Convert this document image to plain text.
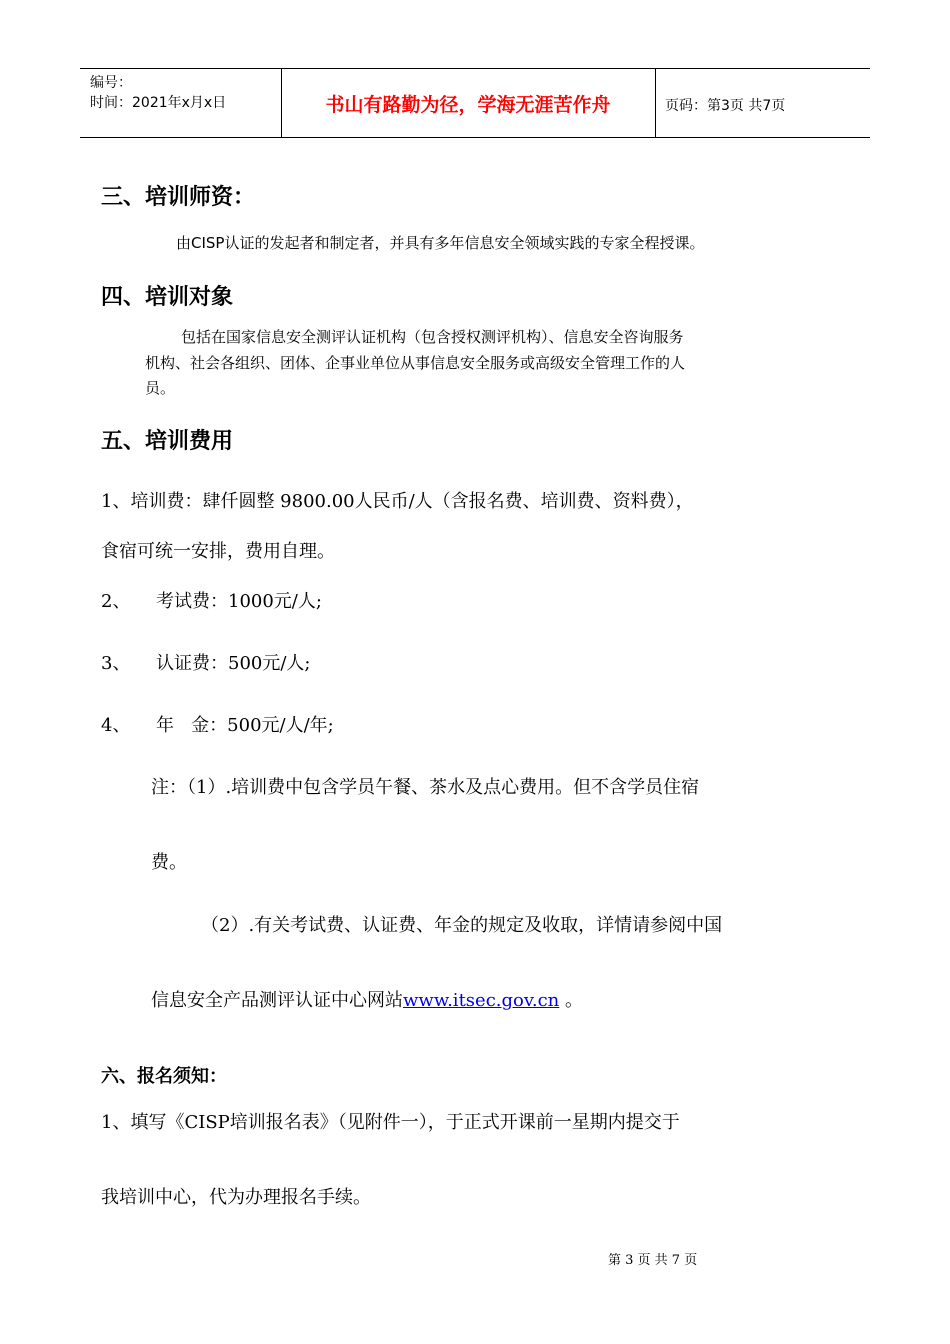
编号：
时间：2021年x月x日	书山有路勤为径，学海无涯苦作舟	页码：第3页 共7页
三、培训师资：
由CISP认证的发起者和制定者，并具有多年信息安全领域实践的专家全程授课。
四、培训对象
包括在国家信息安全测评认证机构（包含授权测评机构）、信息安全咨询服务
机构、社会各组织、团体、企事业单位从事信息安全服务或高级安全管理工作的人
员。
五、培训费用
1、培训费：肆仟圆整 9800.00人民币/人（含报名费、培训费、资料费），
食宿可统一安排，费用自理。
2、 考试费：1000元/人;
3、 认证费：500元/人;
4、 年   金：500元/人/年;
注：（1）.培训费中包含学员午餐、茶水及点心费用。但不含学员住宿
费。
（2）.有关考试费、认证费、年金的规定及收取，详情请参阅中国
信息安全产品测评认证中心网站www.itsec.gov.cn 。
六、报名须知：
1、填写《CISP培训报名表》（见附件一），于正式开课前一星期内提交于
我培训中心，代为办理报名手续。
第 3 页 共 7 页
